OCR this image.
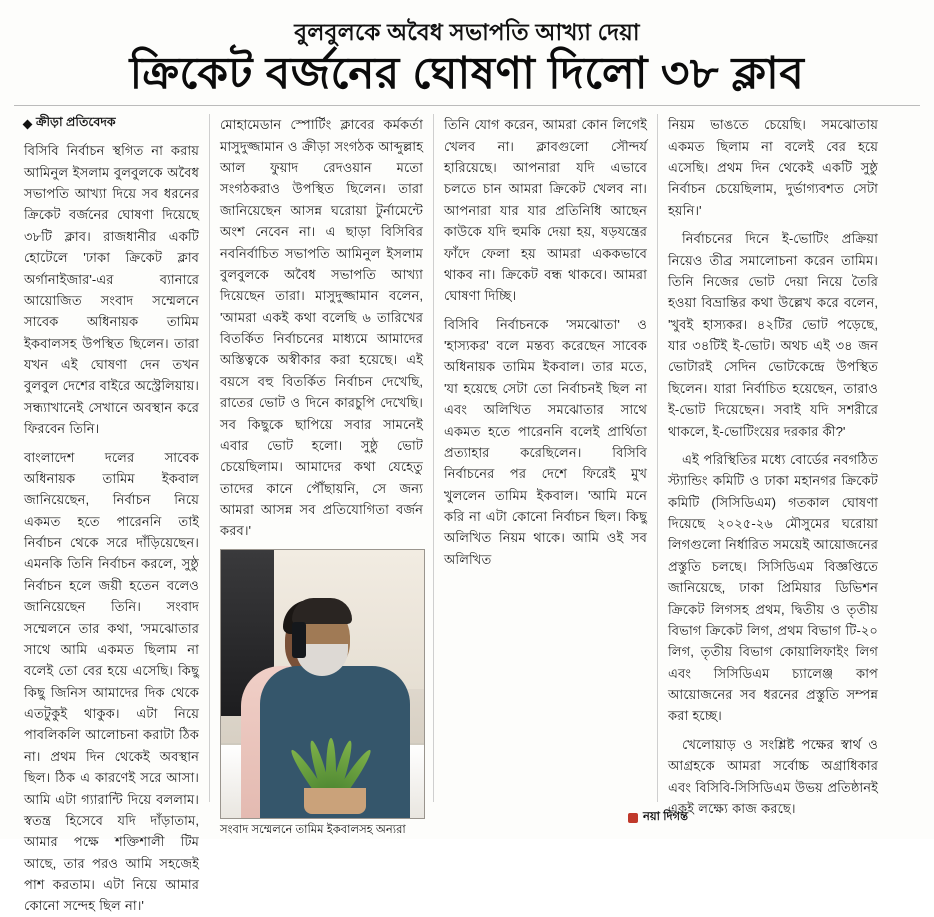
বুলবুলকে অবৈধ সভাপতি আখ্যা দেয়া
ক্রিকেট বর্জনের ঘোষণা দিলো ৩৮ ক্লাব
ক্রীড়া প্রতিবেদক

বিসিবি নির্বাচন স্থগিত না করায় আমিনুল ইসলাম বুলবুলকে অবৈধ সভাপতি আখ্যা দিয়ে সব ধরনের ক্রিকেট বর্জনের ঘোষণা দিয়েছে ৩৮টি ক্লাব। রাজধানীর একটি হোটেলে 'ঢাকা ক্রিকেট ক্লাব অর্গানাইজার'-এর ব্যানারে আয়োজিত সংবাদ সম্মেলনে সাবেক অধিনায়ক তামিম ইকবালসহ উপস্থিত ছিলেন। তারা যখন এই ঘোষণা দেন তখন বুলবুল দেশের বাইরে অস্ট্রেলিয়ায়। সন্ধ্যাখানেই সেখানে অবস্থান করে ফিরবেন তিনি।

বাংলাদেশ দলের সাবেক অধিনায়ক তামিম ইকবাল জানিয়েছেন, নির্বাচন নিয়ে একমত হতে পারেননি তাই নির্বাচন থেকে সরে দাঁড়িয়েছেন। এমনকি তিনি নির্বাচন করলে, সুষ্ঠু নির্বাচন হলে জয়ী হতেন বলেও জানিয়েছেন তিনি। সংবাদ সম্মেলনে তার কথা, 'সমঝোতার সাথে আমি একমত ছিলাম না বলেই তো বের হয়ে এসেছি। কিছু কিছু জিনিস আমাদের দিক থেকে এতটুকুই থাকুক। এটা নিয়ে পাবলিকলি আলোচনা করাটা ঠিক না। প্রথম দিন থেকেই অবস্থান ছিল। ঠিক এ কারণেই সরে আসা। আমি এটা গ্যারান্টি দিয়ে বললাম। স্বতন্ত্র হিসেবে যদি দাঁড়াতাম, আমার পক্ষে শক্তিশালী টিম আছে, তার পরও আমি সহজেই পাশ করতাম। এটা নিয়ে আমার কোনো সন্দেহ ছিল না।'

মোহামেডান স্পোর্টিং ক্লাবের কর্মকর্তা মাসুদুজ্জামান ও ক্রীড়া সংগঠক আব্দুল্লাহ আল ফুয়াদ রেদওয়ান মতো সংগঠকরাও উপস্থিত ছিলেন। তারা জানিয়েছেন আসন্ন ঘরোয়া টুর্নামেন্টে অংশ নেবেন না। এ ছাড়া বিসিবির নবনির্বাচিত সভাপতি আমিনুল ইসলাম বুলবুলকে অবৈধ সভাপতি আখ্যা দিয়েছেন তারা। মাসুদুজ্জামান বলেন, 'আমরা একই কথা বলেছি ৬ তারিখের বিতর্কিত নির্বাচনের মাধ্যমে আমাদের অস্তিত্বকে অস্বীকার করা হয়েছে। এই বয়সে বহু বিতর্কিত নির্বাচন দেখেছি, রাতের ভোট ও দিনে কারচুপি দেখেছি। সব কিছুকে ছাপিয়ে সবার সামনেই এবার ভোট হলো। সুষ্ঠু ভোট চেয়েছিলাম। আমাদের কথা যেহেতু তাদের কানে পৌঁছায়নি, সে জন্য আমরা আসন্ন সব প্রতিযোগিতা বর্জন করব।'

সংবাদ সম্মেলনে তামিম ইকবালসহ অন্যরা

তিনি যোগ করেন, আমরা কোন লিগেই খেলব না। ক্লাবগুলো সৌন্দর্য হারিয়েছে। আপনারা যদি এভাবে চলতে চান আমরা ক্রিকেট খেলব না। আপনারা যার যার প্রতিনিধি আছেন কাউকে যদি হুমকি দেয়া হয়, ষড়যন্ত্রের ফাঁদে ফেলা হয় আমরা এককভাবে থাকব না। ক্রিকেট বন্ধ থাকবে। আমরা ঘোষণা দিচ্ছি।

বিসিবি নির্বাচনকে 'সমঝোতা' ও 'হাস্যকর' বলে মন্তব্য করেছেন সাবেক অধিনায়ক তামিম ইকবাল। তার মতে, 'যা হয়েছে সেটা তো নির্বাচনই ছিল না এবং অলিখিত সমঝোতার সাথে একমত হতে পারেননি বলেই প্রার্থিতা প্রত্যাহার করেছিলেন। বিসিবি নির্বাচনের পর দেশে ফিরেই মুখ খুললেন তামিম ইকবাল। 'আমি মনে করি না এটা কোনো নির্বাচন ছিল। কিছু অলিখিত নিয়ম থাকে। আমি ওই সব অলিখিত

নিয়ম ভাঙতে চেয়েছি। সমঝোতায় একমত ছিলাম না বলেই বের হয়ে এসেছি। প্রথম দিন থেকেই একটি সুষ্ঠু নির্বাচন চেয়েছিলাম, দুর্ভাগ্যবশত সেটা হয়নি।'

নির্বাচনের দিনে ই-ভোটিং প্রক্রিয়া নিয়েও তীব্র সমালোচনা করেন তামিম। তিনি নিজের ভোট দেয়া নিয়ে তৈরি হওয়া বিভ্রান্তির কথা উল্লেখ করে বলেন, 'খুবই হাস্যকর। ৪২টির ভোট পড়েছে, যার ৩৪টিই ই-ভোট। অথচ এই ৩৪ জন ভোটারই সেদিন ভোটকেন্দ্রে উপস্থিত ছিলেন। যারা নির্বাচিত হয়েছেন, তারাও ই-ভোট দিয়েছেন। সবাই যদি সশরীরে থাকলে, ই-ভোটিংয়ের দরকার কী?'

এই পরিস্থিতির মধ্যে বোর্ডের নবগঠিত স্ট্যান্ডিং কমিটি ও ঢাকা মহানগর ক্রিকেট কমিটি (সিসিডিএম) গতকাল ঘোষণা দিয়েছে ২০২৫-২৬ মৌসুমের ঘরোয়া লিগগুলো নির্ধারিত সময়েই আয়োজনের প্রস্তুতি চলছে। সিসিডিএম বিজ্ঞপ্তিতে জানিয়েছে, ঢাকা প্রিমিয়ার ডিভিশন ক্রিকেট লিগসহ প্রথম, দ্বিতীয় ও তৃতীয় বিভাগ ক্রিকেট লিগ, প্রথম বিভাগ টি-২০ লিগ, তৃতীয় বিভাগ কোয়ালিফাইং লিগ এবং সিসিডিএম চ্যালেঞ্জ কাপ আয়োজনের সব ধরনের প্রস্তুতি সম্পন্ন করা হচ্ছে।

খেলোয়াড় ও সংশ্লিষ্ট পক্ষের স্বার্থ ও আগ্রহকে আমরা সর্বোচ্চ অগ্রাধিকার এবং বিসিবি-সিসিডিএম উভয় প্রতিষ্ঠানই একই লক্ষ্যে কাজ করছে।

নয়া দিগন্ত
